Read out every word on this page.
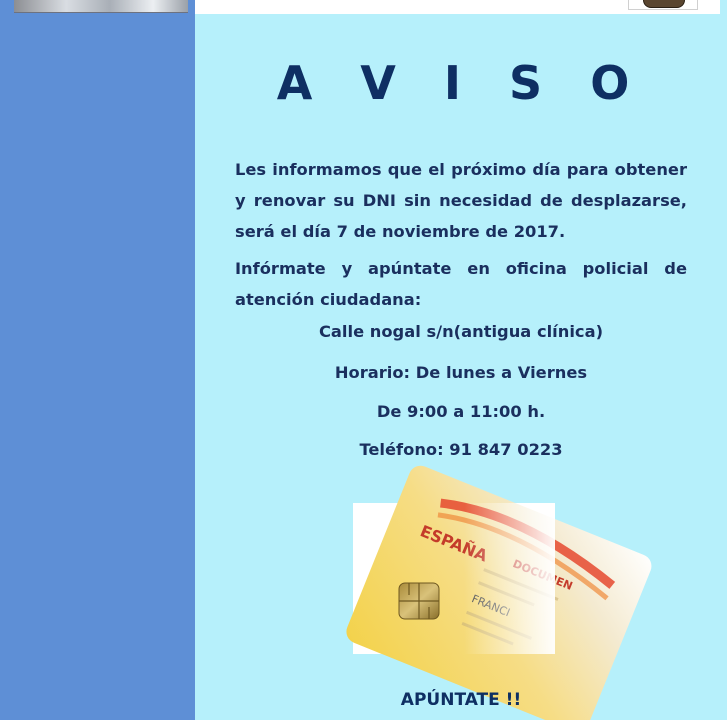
A V I S O

Les informamos que el próximo día para obtener y renovar su DNI sin necesidad de desplazarse, será el día 7 de noviembre de 2017.

Infórmate y apúntate en oficina policial de atención ciudadana:

Calle nogal s/n(antigua clínica)

Horario: De lunes a Viernes

De 9:00 a 11:00 h.

Teléfono: 91 847 0223

APÚNTATE !!
